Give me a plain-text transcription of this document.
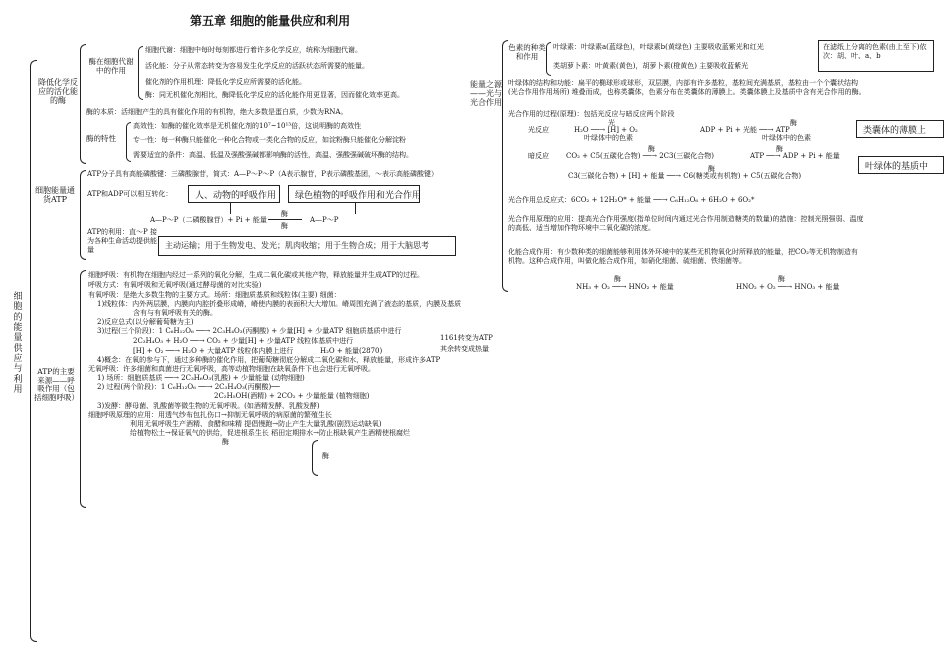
第五章 细胞的能量供应和利用
细胞的能量供应与利用
降低化学反应的活化能的酶
酶在细胞代谢中的作用
细胞代谢：细胞中每时每刻都进行着许多化学反应，统称为细胞代谢。
活化能：分子从常态转变为容易发生化学反应的活跃状态所需要的能量。
催化剂的作用机理：降低化学反应所需要的活化能。
酶：同无机催化剂相比，酶降低化学反应的活化能作用更显著，因而催化效率更高。
酶的本质：活细胞产生的具有催化作用的有机物，绝大多数是蛋白质，少数为RNA。
酶的特性
高效性：如酶的催化效率是无机催化剂的10⁷~10¹³倍，这说明酶的高效性
专一性：每一种酶只能催化一种化合物或一类化合物的反应，如淀粉酶只能催化分解淀粉
需要适宜的条件：高温、低温及强酸强碱都影响酶的活性，高温、强酸强碱破坏酶的结构。
细胞能量通货ATP
ATP分子具有高能磷酸键：三磷酸腺苷，简式：A—P～P～P（A表示腺苷，P表示磷酸基团，～表示高能磷酸键）
ATP和ADP可以相互转化：	人、动物的呼吸作用 绿色植物的呼吸作用和光合作用
A—P～P（二磷酸腺苷）+ Pi + 能量
酶
酶
A—P～P
ATP的利用：直～P 接为各种生命活动提供能量	主动运输；用于生物发电、发光；肌肉收缩；用于生物合成；用于大脑思考
ATP的主要来源——呼吸作用（包括细胞呼吸）
细胞呼吸：有机物在细胞内经过一系列的氧化分解，生成二氧化碳或其他产物，释放能量并生成ATP的过程。
呼吸方式：有氧呼吸和无氧呼吸(通过酵母菌的对比实验)
有氧呼吸：是绝大多数生物的主要方式。场所：细胞质基质和线粒体(主要) 细菌：
1)线粒体：内外两层膜，内膜向内腔折叠形成嵴，嵴使内膜的表面积大大增加。嵴周围充满了液态的基质，内膜及基质
含有与有氧呼吸有关的酶。
2)反应总式(以分解葡萄糖为主)
3)过程(三个阶段)：1 C₆H₁₂O₆ ──→ 2C₃H₄O₃(丙酮酸) + 少量[H] + 少量ATP 细胞质基质中进行
2C₃H₄O₃ + H₂O ──→ CO₂ + 少量[H] + 少量ATP 线粒体基质中进行
[H] + O₂ ──→ H₂O + 大量ATP 线粒体内膜上进行	H₂O + 能量(2870)
1161转变为ATP
其余转变成热量
4)概念：在氧的参与下，通过多种酶的催化作用，把葡萄糖彻底分解成二氧化碳和水，释放能量，形成许多ATP
无氧呼吸：许多细菌和真菌进行无氧呼吸，高等动植物细胞在缺氧条件下也会进行无氧呼吸。
1) 场所：细胞质基质 ──→ 2C₃H₆O₃(乳酸) + 少量能量 (动物细胞)
2) 过程(两个阶段)：1 C₆H₁₂O₆ ──→ 2C₃H₄O₃(丙酮酸)──
2C₂H₅OH(酒精) + 2CO₂ + 少量能量 (植物细胞)
3)发酵：酵母菌、乳酸菌等微生物的无氧呼吸。(如酒精发酵、乳酸发酵)
细胞呼吸原理的应用：用透气纱布包扎伤口→抑制无氧呼吸的病原菌的繁殖生长
利用无氧呼吸生产酒精、食醋和味精 提倡慢跑→防止产生大量乳酸(剧烈运动缺氧)
给植物松土→保证氧气的供给，促进根系生长 稻田定期排水→防止根缺氧产生酒精使根腐烂
酶
酶
能量之源——光与光合作用
色素的种类和作用
叶绿素：叶绿素a(蓝绿色)，叶绿素b(黄绿色) 主要吸收蓝紫光和红光
类胡萝卜素：叶黄素(黄色)，胡萝卜素(橙黄色) 主要吸收蓝紫光
在滤纸上分离的色素(由上至下)依次：胡、叶、a、b
叶绿体的结构和功能：扁平的椭球形或球形，双层膜，内部有许多基粒，基粒间充满基质，基粒由一个个囊状结构
(光合作用作用场所) 堆叠而成，也称类囊体，色素分布在类囊体的薄膜上。类囊体膜上及基质中含有光合作用的酶。
光合作用的过程(原理)：包括光反应与暗反应两个阶段
光反应
光
H₂O ──→ [H] + O₂
叶绿体中的色素
ADP + Pi + 光能 ──→ ATP
酶
叶绿体中的色素
类囊体的薄膜上
暗反应
酶
CO₂ + C5(五碳化合物) ──→ 2C3(三碳化合物)
酶
ATP ──→ ADP + Pi + 能量
叶绿体的基质中
酶
C3(三碳化合物) + [H] + 能量 ──→ C6(糖类或有机物) + C5(五碳化合物)
光合作用总反应式：6CO₂ + 12H₂O* + 能量 ──→ C₆H₁₂O₆ + 6H₂O + 6O₂*
光合作用原理的应用：提高光合作用强度(指单位时间内通过光合作用制造糖类的数量)的措施：控制光照强弱、温度
的高低、适当增加作物环境中二氧化碳的浓度。
化能合成作用：有少数种类的细菌能够利用体外环境中的某些无机物氧化时所释放的能量，把CO₂等无机物制造有
机物。这种合成作用，叫做化能合成作用，如硝化细菌、硫细菌、铁细菌等。
酶
NH₃ + O₂ ──→ HNO₂ + 能量
酶
HNO₂ + O₂ ──→ HNO₃ + 能量
